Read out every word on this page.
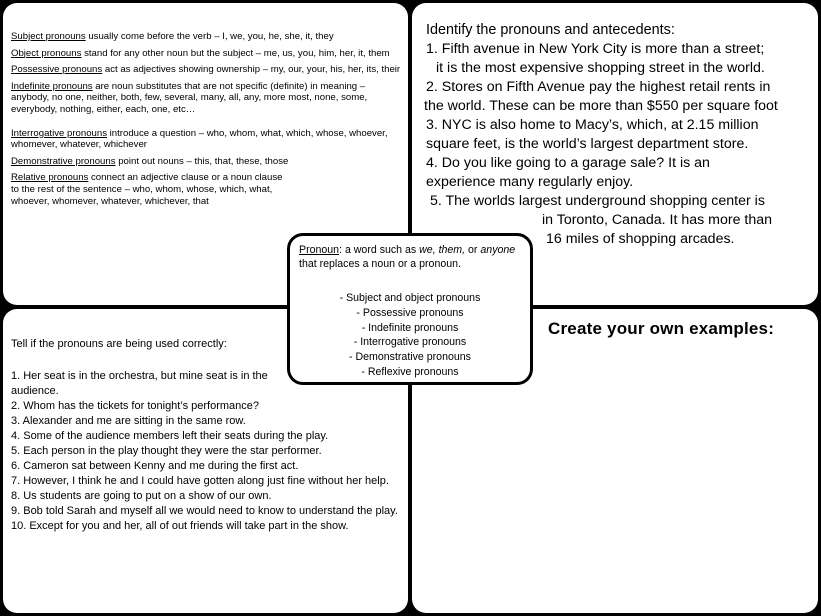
Subject pronouns usually come before the verb – I, we, you, he, she, it, they

Object pronouns stand for any other noun but the subject – me, us, you, him, her, it, them

Possessive pronouns act as adjectives showing ownership – my, our, your, his, her, its, their

Indefinite pronouns are noun substitutes that are not specific (definite) in meaning – anybody, no one, neither, both, few, several, many, all, any, more most, none, some, everybody, nothing, either, each, one, etc…

Interrogative pronouns introduce a question – who, whom, what, which, whose, whoever, whomever, whatever, whichever

Demonstrative pronouns point out nouns – this, that, these, those

Relative pronouns connect an adjective clause or a noun clause to the rest of the sentence – who, whom, whose, which, what, whoever, whomever, whatever, whichever, that

Identify the pronouns and antecedents:
1. Fifth avenue in New York City is more than a street;
it is the most expensive shopping street in the world.
2. Stores on Fifth Avenue pay the highest retail rents in
the world. These can be more than $550 per square foot
3. NYC is also home to Macy’s, which, at 2.15 million
square feet, is the world’s largest department store.
4. Do you like going to a garage sale? It is an
experience many regularly enjoy.
5. The worlds largest underground shopping center is
in Toronto, Canada. It has more than
16 miles of shopping arcades.

Tell if the pronouns are being used correctly:

1. Her seat is in the orchestra, but mine seat is in the audience.
2. Whom has the tickets for tonight’s performance?
3. Alexander and me are sitting in the same row.
4. Some of the audience members left their seats during the play.
5. Each person in the play thought they were the star performer.
6. Cameron sat between Kenny and me during the first act.
7. However, I think he and I could have gotten along just fine without her help.
8. Us students are going to put on a show of our own.
9. Bob told Sarah and myself all we would need to know to understand the play.
10. Except for you and her, all of out friends will take part in the show.
Create your own examples:
Pronoun: a word such as we, them, or anyone that replaces a noun or a pronoun.
- Subject and object pronouns
- Possessive pronouns
- Indefinite pronouns
- Interrogative pronouns
- Demonstrative pronouns
- Reflexive pronouns
